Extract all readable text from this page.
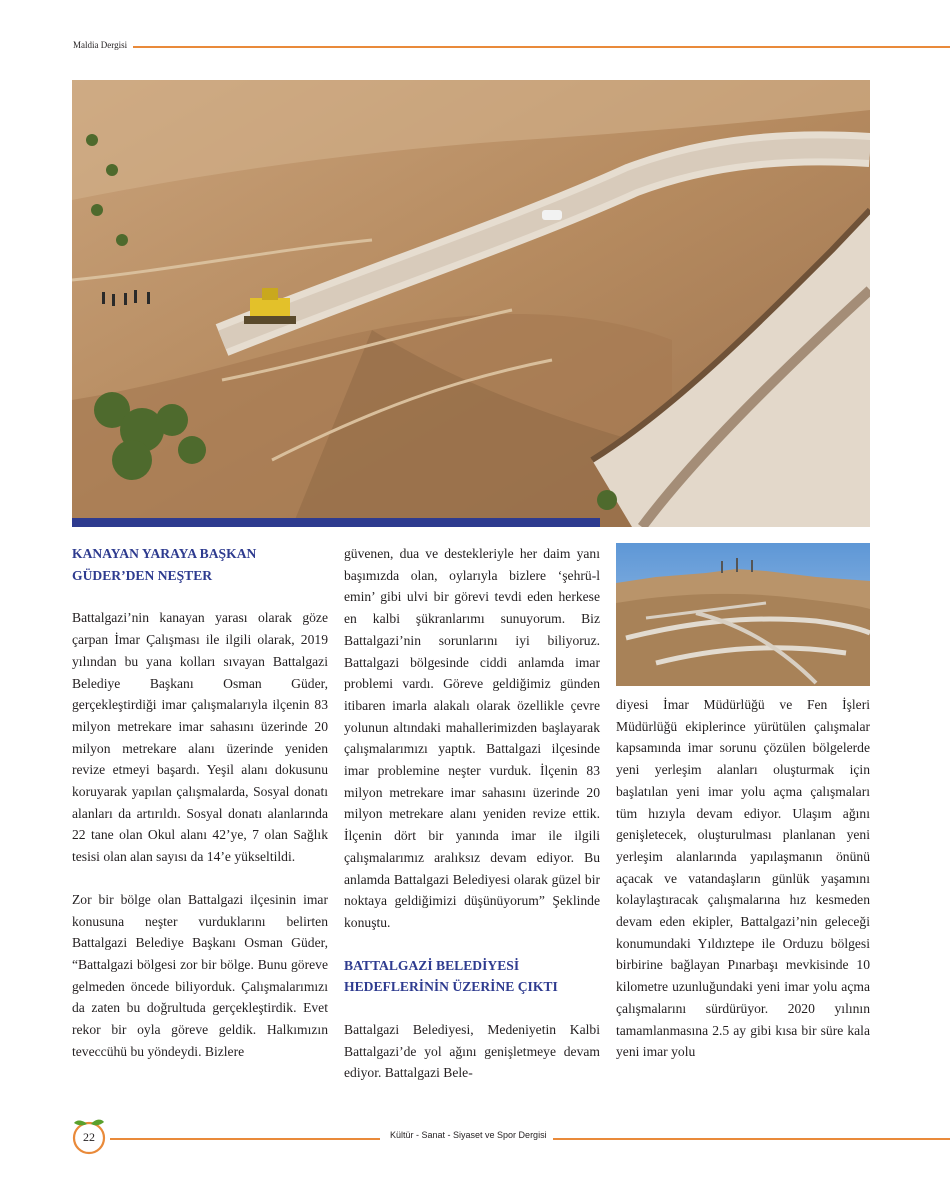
Maldia Dergisi

KANAYAN YARAYA BAŞKAN
GÜDER’DEN NEŞTER

Battalgazi’nin kanayan yarası olarak göze çarpan İmar Çalışması ile ilgili olarak, 2019 yılından bu yana kolları sıvayan Battalgazi Belediye Başkanı Osman Güder, gerçekleştirdiği imar çalışmalarıyla ilçenin 83 milyon metrekare imar sahasını üzerinde 20 milyon metrekare alanı üzerinde yeniden revize etmeyi başardı. Yeşil alanı dokusunu koruyarak yapılan çalışmalarda, Sosyal donatı alanları da artırıldı. Sosyal donatı alanlarında 22 tane olan Okul alanı 42’ye, 7 olan Sağlık tesisi olan alan sayısı da 14’e yükseltildi.

Zor bir bölge olan Battalgazi ilçesinin imar konusuna neşter vurduklarını belirten Battalgazi Belediye Başkanı Osman Güder, “Battalgazi bölgesi zor bir bölge. Bunu göreve gelmeden öncede biliyorduk. Çalışmalarımızı da zaten bu doğrultuda gerçekleştirdik. Evet rekor bir oyla göreve geldik. Halkımızın teveccühü bu yöndeydi. Bizlere

güvenen, dua ve destekleriyle her daim yanı başımızda olan, oylarıyla bizlere ‘şehrü-l emin’ gibi ulvi bir görevi tevdi eden herkese en kalbi şükranlarımı sunuyorum. Biz Battalgazi’nin sorunlarını iyi biliyoruz. Battalgazi bölgesinde ciddi anlamda imar problemi vardı. Göreve geldiğimiz günden itibaren imarla alakalı olarak özellikle çevre yolunun altındaki mahallerimizden başlayarak çalışmalarımızı yaptık. Battalgazi ilçesinde imar problemine neşter vurduk. İlçenin 83 milyon metrekare imar sahasını üzerinde 20 milyon metrekare alanı yeniden revize ettik. İlçenin dört bir yanında imar ile ilgili çalışmalarımız aralıksız devam ediyor. Bu anlamda Battalgazi Belediyesi olarak güzel bir noktaya geldiğimizi düşünüyorum” Şeklinde konuştu.

BATTALGAZİ BELEDİYESİ
HEDEFLERİNİN ÜZERİNE ÇIKTI

Battalgazi Belediyesi, Medeniyetin Kalbi Battalgazi’de yol ağını genişletmeye devam ediyor. Battalgazi Bele-

diyesi İmar Müdürlüğü ve Fen İşleri Müdürlüğü ekiplerince yürütülen çalışmalar kapsamında imar sorunu çözülen bölgelerde yeni yerleşim alanları oluşturmak için başlatılan yeni imar yolu açma çalışmaları tüm hızıyla devam ediyor. Ulaşım ağını genişletecek, oluşturulması planlanan yeni yerleşim alanlarında yapılaşmanın önünü açacak ve vatandaşların günlük yaşamını kolaylaştıracak çalışmalarına hız kesmeden devam eden ekipler, Battalgazi’nin geleceği konumundaki Yıldıztepe ile Orduzu bölgesi birbirine bağlayan Pınarbaşı mevkisinde 10 kilometre uzunluğundaki yeni imar yolu açma çalışmalarını sürdürüyor. 2020 yılının tamamlanmasına 2.5 ay gibi kısa bir süre kala yeni imar yolu

22	Kültür - Sanat - Siyaset ve Spor Dergisi
